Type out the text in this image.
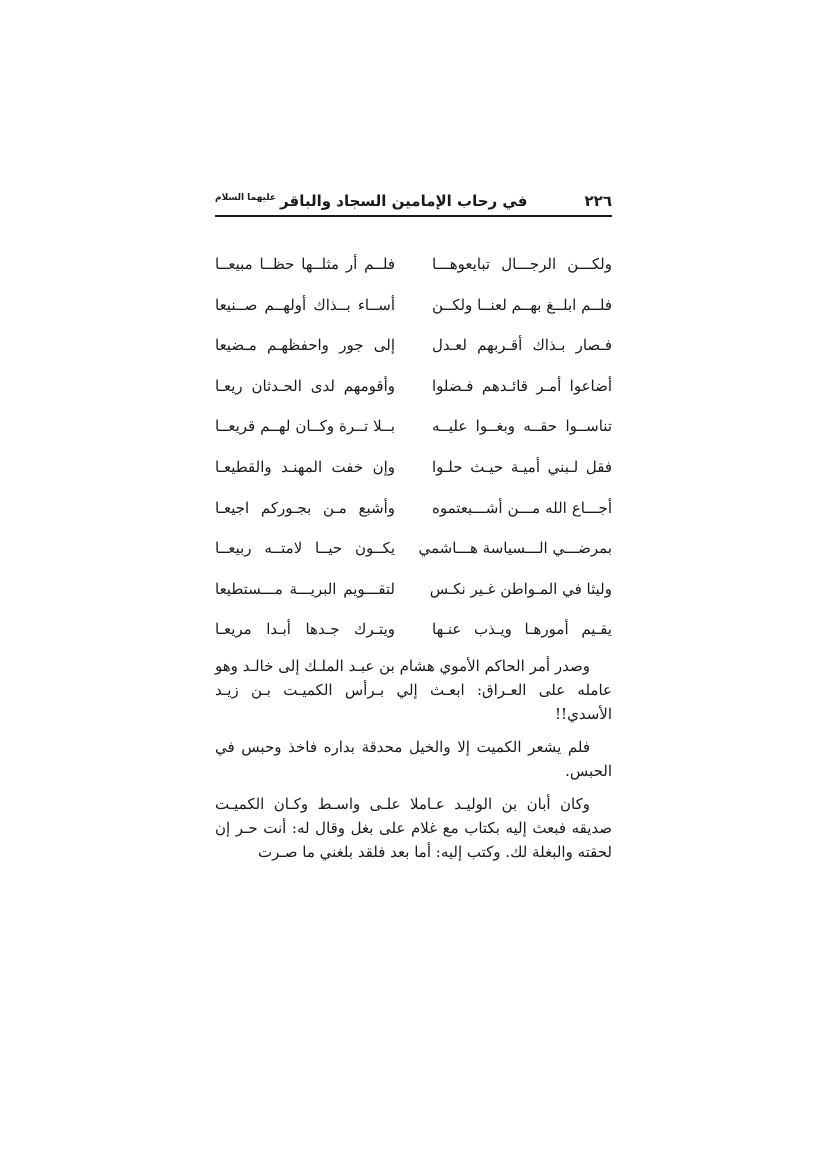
٢٢٦
في رحاب الإمامين السجاد والباقر
عليهما السلام
ولكـــن الرجـــال تبايعوهـــا
فلــم أر مثلــها حظــا مبيعــا
فلــم ابلــغ بهــم لعنــا ولكــن
أســاء بــذاك أولهــم صــنيعا
فـصار بـذاك أقـربهم لعـدل
إلى جور واحفظهـم مـضيعا
أضاعوا أمـر قائـدهم فـضلوا
وأقومهم لدى الحـدثان ريعـا
تناســوا حقــه وبغــوا عليــه
بــلا تــرة وكــان لهــم قريعــا
فقل لـبني أميـة حيـث حلـوا
وإن خفت المهنـد والقطيعـا
أجـــاع الله مـــن أشـــبعتموه
وأشبع مـن بجـوركم اجيعـا
بمرضـــي الـــسياسة هـــاشمي
يكــون حيــا لامتــه ربيعــا
وليثا في المـواطن غـير نكـس
لتقـــويم البريـــة مـــستطيعا
يقـيم أمورهـا ويـذب عنـها
ويتـرك جـدها أبـدا مريعـا

وصدر أمر الحاكم الأموي هشام بن عبـد الملـك إلى خالـد وهو عامله على العـراق: ابعـث إلي بـرأس الكميـت بـن زيـد الأسدي!!

فلم يشعر الكميت إلا والخيل محدقة بداره فاخذ وحبس في الحبس.

وكان أبان بن الوليـد عـاملا علـى واسـط وكـان الكميـت صديقه فبعث إليه بكتاب مع غلام على بغل وقال له: أنت حـر إن لحقته والبغلة لك. وكتب إليه: أما بعد فلقد بلغني ما صـرت
